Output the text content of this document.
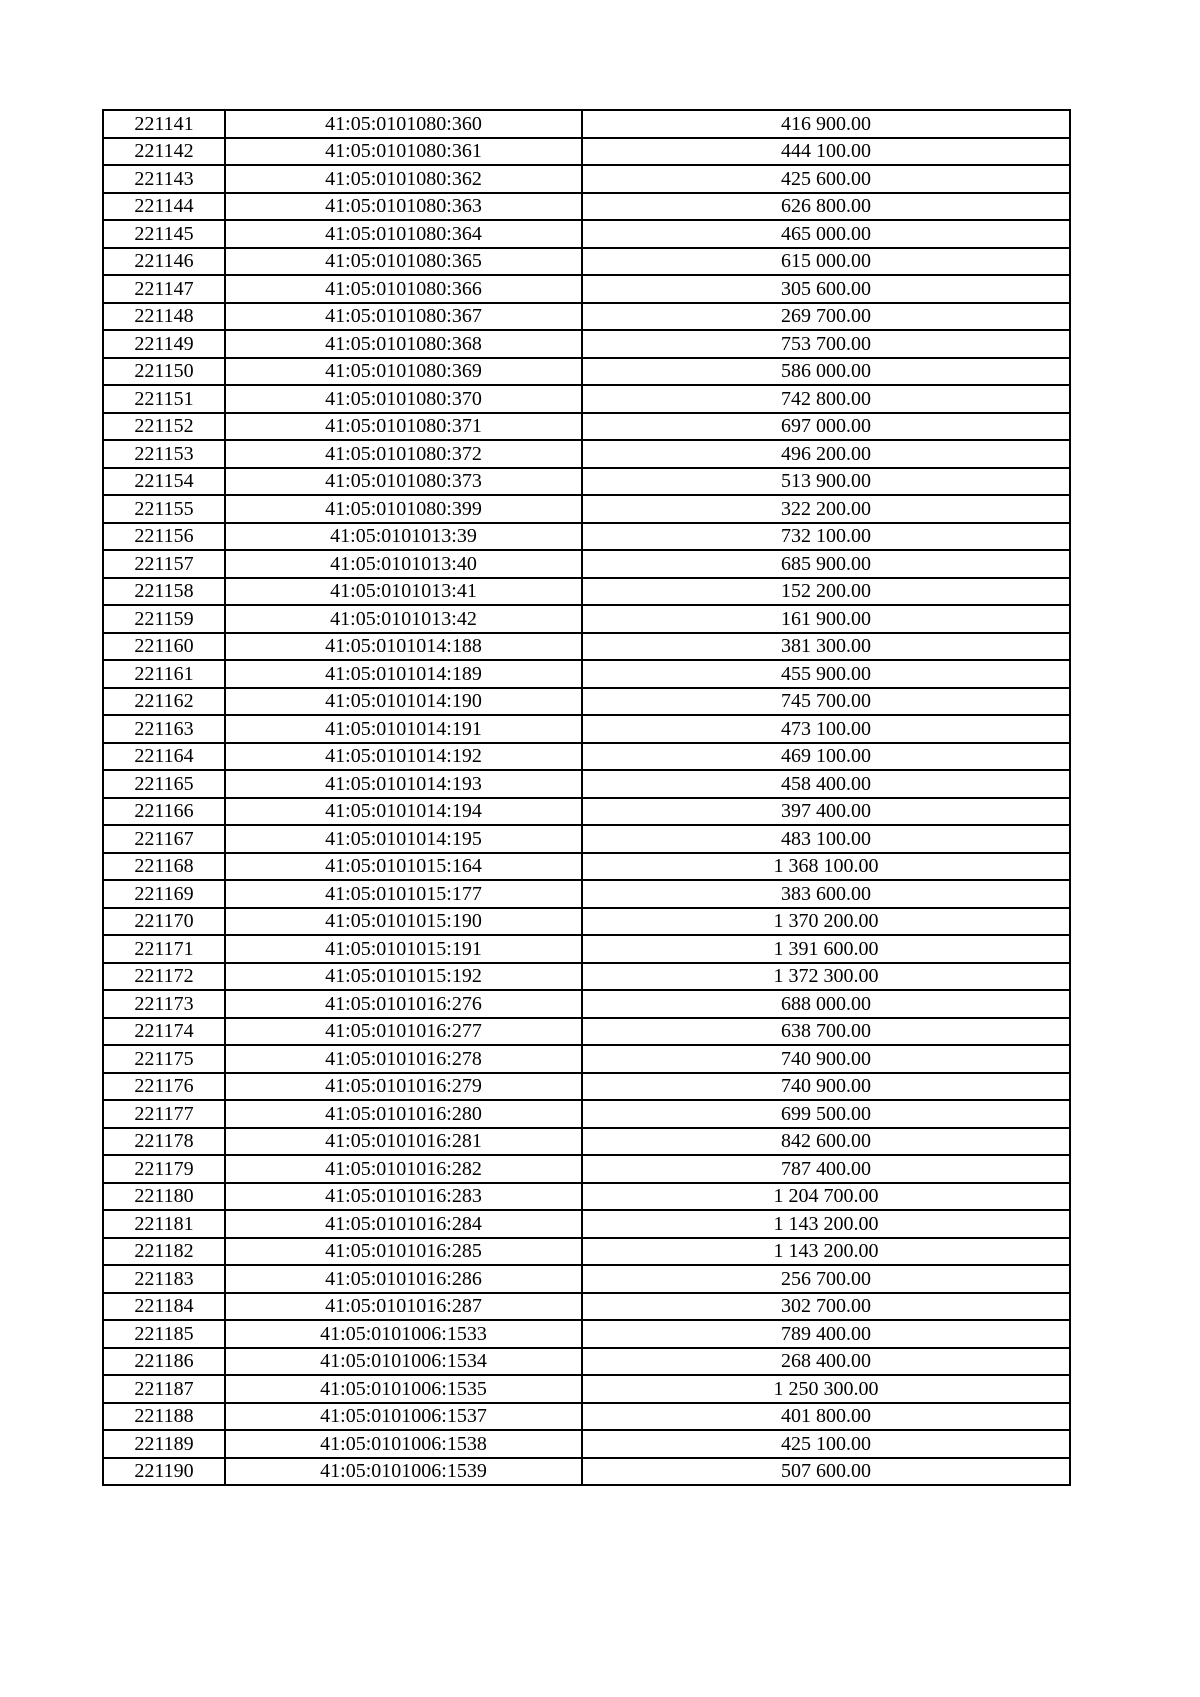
221141	41:05:0101080:360	416 900.00
221142	41:05:0101080:361	444 100.00
221143	41:05:0101080:362	425 600.00
221144	41:05:0101080:363	626 800.00
221145	41:05:0101080:364	465 000.00
221146	41:05:0101080:365	615 000.00
221147	41:05:0101080:366	305 600.00
221148	41:05:0101080:367	269 700.00
221149	41:05:0101080:368	753 700.00
221150	41:05:0101080:369	586 000.00
221151	41:05:0101080:370	742 800.00
221152	41:05:0101080:371	697 000.00
221153	41:05:0101080:372	496 200.00
221154	41:05:0101080:373	513 900.00
221155	41:05:0101080:399	322 200.00
221156	41:05:0101013:39	732 100.00
221157	41:05:0101013:40	685 900.00
221158	41:05:0101013:41	152 200.00
221159	41:05:0101013:42	161 900.00
221160	41:05:0101014:188	381 300.00
221161	41:05:0101014:189	455 900.00
221162	41:05:0101014:190	745 700.00
221163	41:05:0101014:191	473 100.00
221164	41:05:0101014:192	469 100.00
221165	41:05:0101014:193	458 400.00
221166	41:05:0101014:194	397 400.00
221167	41:05:0101014:195	483 100.00
221168	41:05:0101015:164	1 368 100.00
221169	41:05:0101015:177	383 600.00
221170	41:05:0101015:190	1 370 200.00
221171	41:05:0101015:191	1 391 600.00
221172	41:05:0101015:192	1 372 300.00
221173	41:05:0101016:276	688 000.00
221174	41:05:0101016:277	638 700.00
221175	41:05:0101016:278	740 900.00
221176	41:05:0101016:279	740 900.00
221177	41:05:0101016:280	699 500.00
221178	41:05:0101016:281	842 600.00
221179	41:05:0101016:282	787 400.00
221180	41:05:0101016:283	1 204 700.00
221181	41:05:0101016:284	1 143 200.00
221182	41:05:0101016:285	1 143 200.00
221183	41:05:0101016:286	256 700.00
221184	41:05:0101016:287	302 700.00
221185	41:05:0101006:1533	789 400.00
221186	41:05:0101006:1534	268 400.00
221187	41:05:0101006:1535	1 250 300.00
221188	41:05:0101006:1537	401 800.00
221189	41:05:0101006:1538	425 100.00
221190	41:05:0101006:1539	507 600.00
